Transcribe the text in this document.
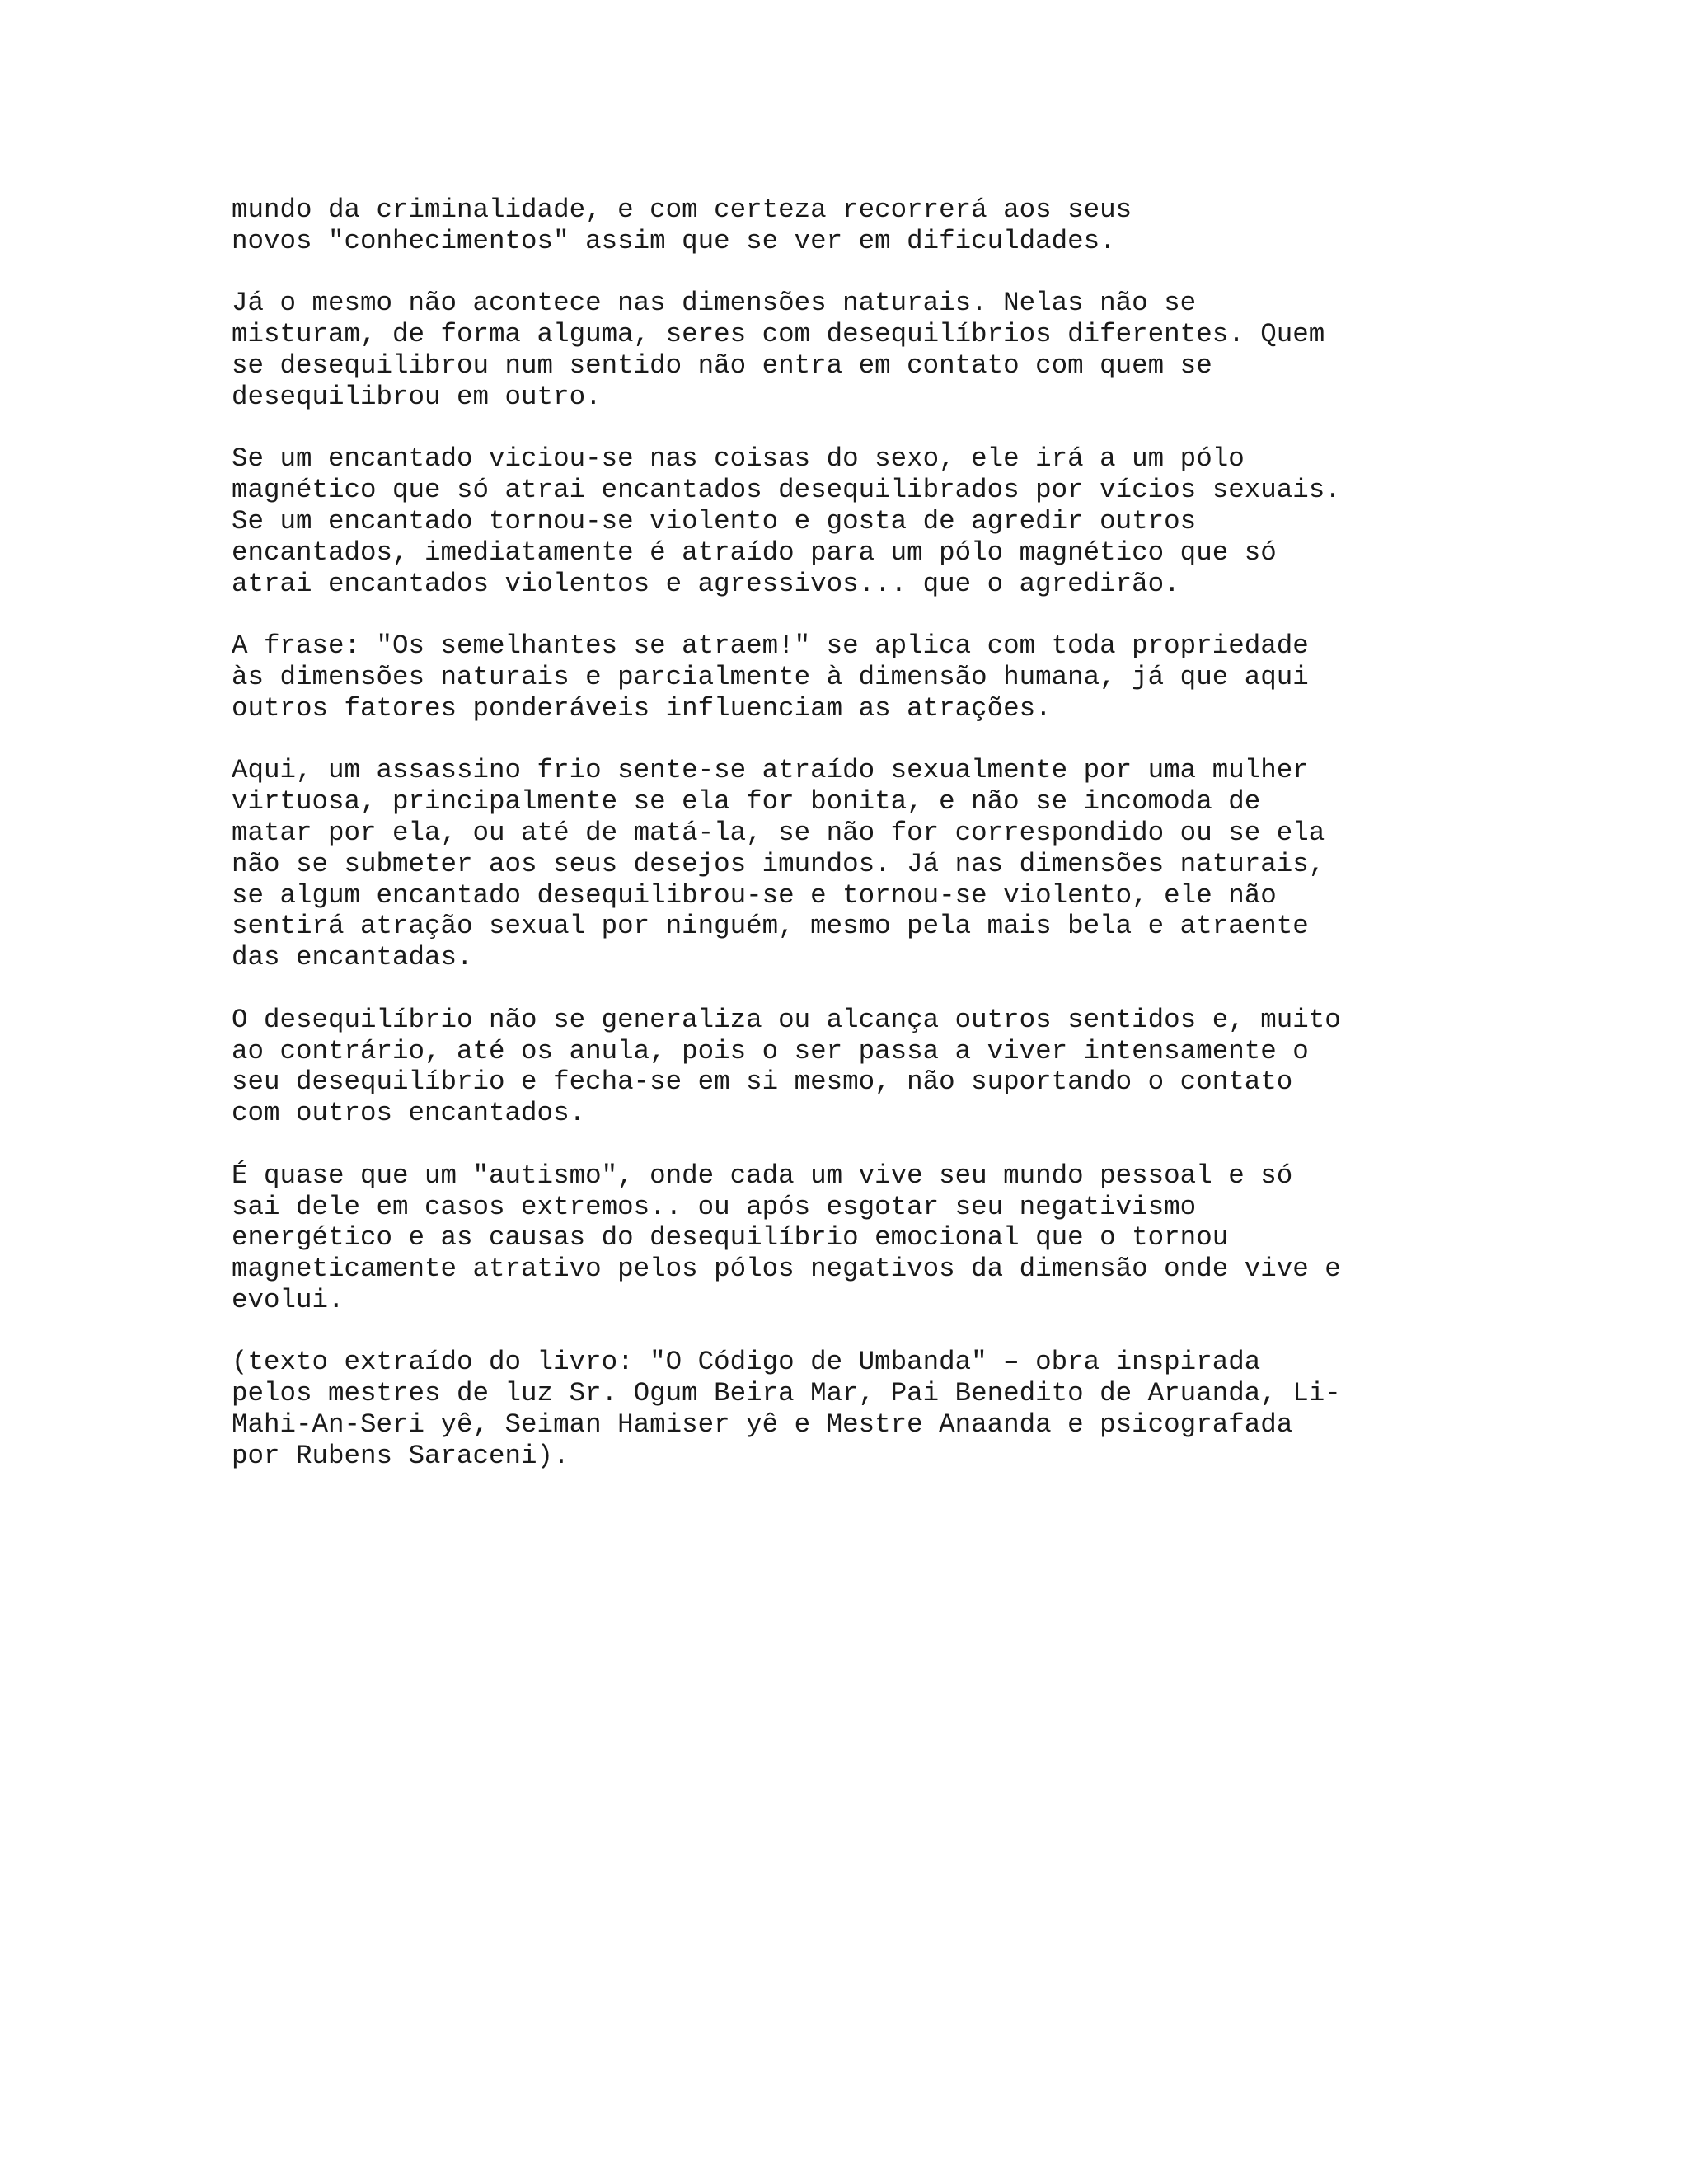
mundo da criminalidade, e com certeza recorrerá aos seus
novos "conhecimentos" assim que se ver em dificuldades.
Já o mesmo não acontece nas dimensões naturais. Nelas não se
misturam, de forma alguma, seres com desequilíbrios diferentes. Quem
se desequilibrou num sentido não entra em contato com quem se
desequilibrou em outro.
Se um encantado viciou-se nas coisas do sexo, ele irá a um pólo
magnético que só atrai encantados desequilibrados por vícios sexuais.
Se um encantado tornou-se violento e gosta de agredir outros
encantados, imediatamente é atraído para um pólo magnético que só
atrai encantados violentos e agressivos... que o agredirão.
A frase: "Os semelhantes se atraem!" se aplica com toda propriedade
às dimensões naturais e parcialmente à dimensão humana, já que aqui
outros fatores ponderáveis influenciam as atrações.
Aqui, um assassino frio sente-se atraído sexualmente por uma mulher
virtuosa, principalmente se ela for bonita, e não se incomoda de
matar por ela, ou até de matá-la, se não for correspondido ou se ela
não se submeter aos seus desejos imundos. Já nas dimensões naturais,
se algum encantado desequilibrou-se e tornou-se violento, ele não
sentirá atração sexual por ninguém, mesmo pela mais bela e atraente
das encantadas.
O desequilíbrio não se generaliza ou alcança outros sentidos e, muito
ao contrário, até os anula, pois o ser passa a viver intensamente o
seu desequilíbrio e fecha-se em si mesmo, não suportando o contato
com outros encantados.
É quase que um "autismo", onde cada um vive seu mundo pessoal e só
sai dele em casos extremos.. ou após esgotar seu negativismo
energético e as causas do desequilíbrio emocional que o tornou
magneticamente atrativo pelos pólos negativos da dimensão onde vive e
evolui.
(texto extraído do livro: "O Código de Umbanda" – obra inspirada
pelos mestres de luz Sr. Ogum Beira Mar, Pai Benedito de Aruanda, Li-
Mahi-An-Seri yê, Seiman Hamiser yê e Mestre Anaanda e psicografada
por Rubens Saraceni).
